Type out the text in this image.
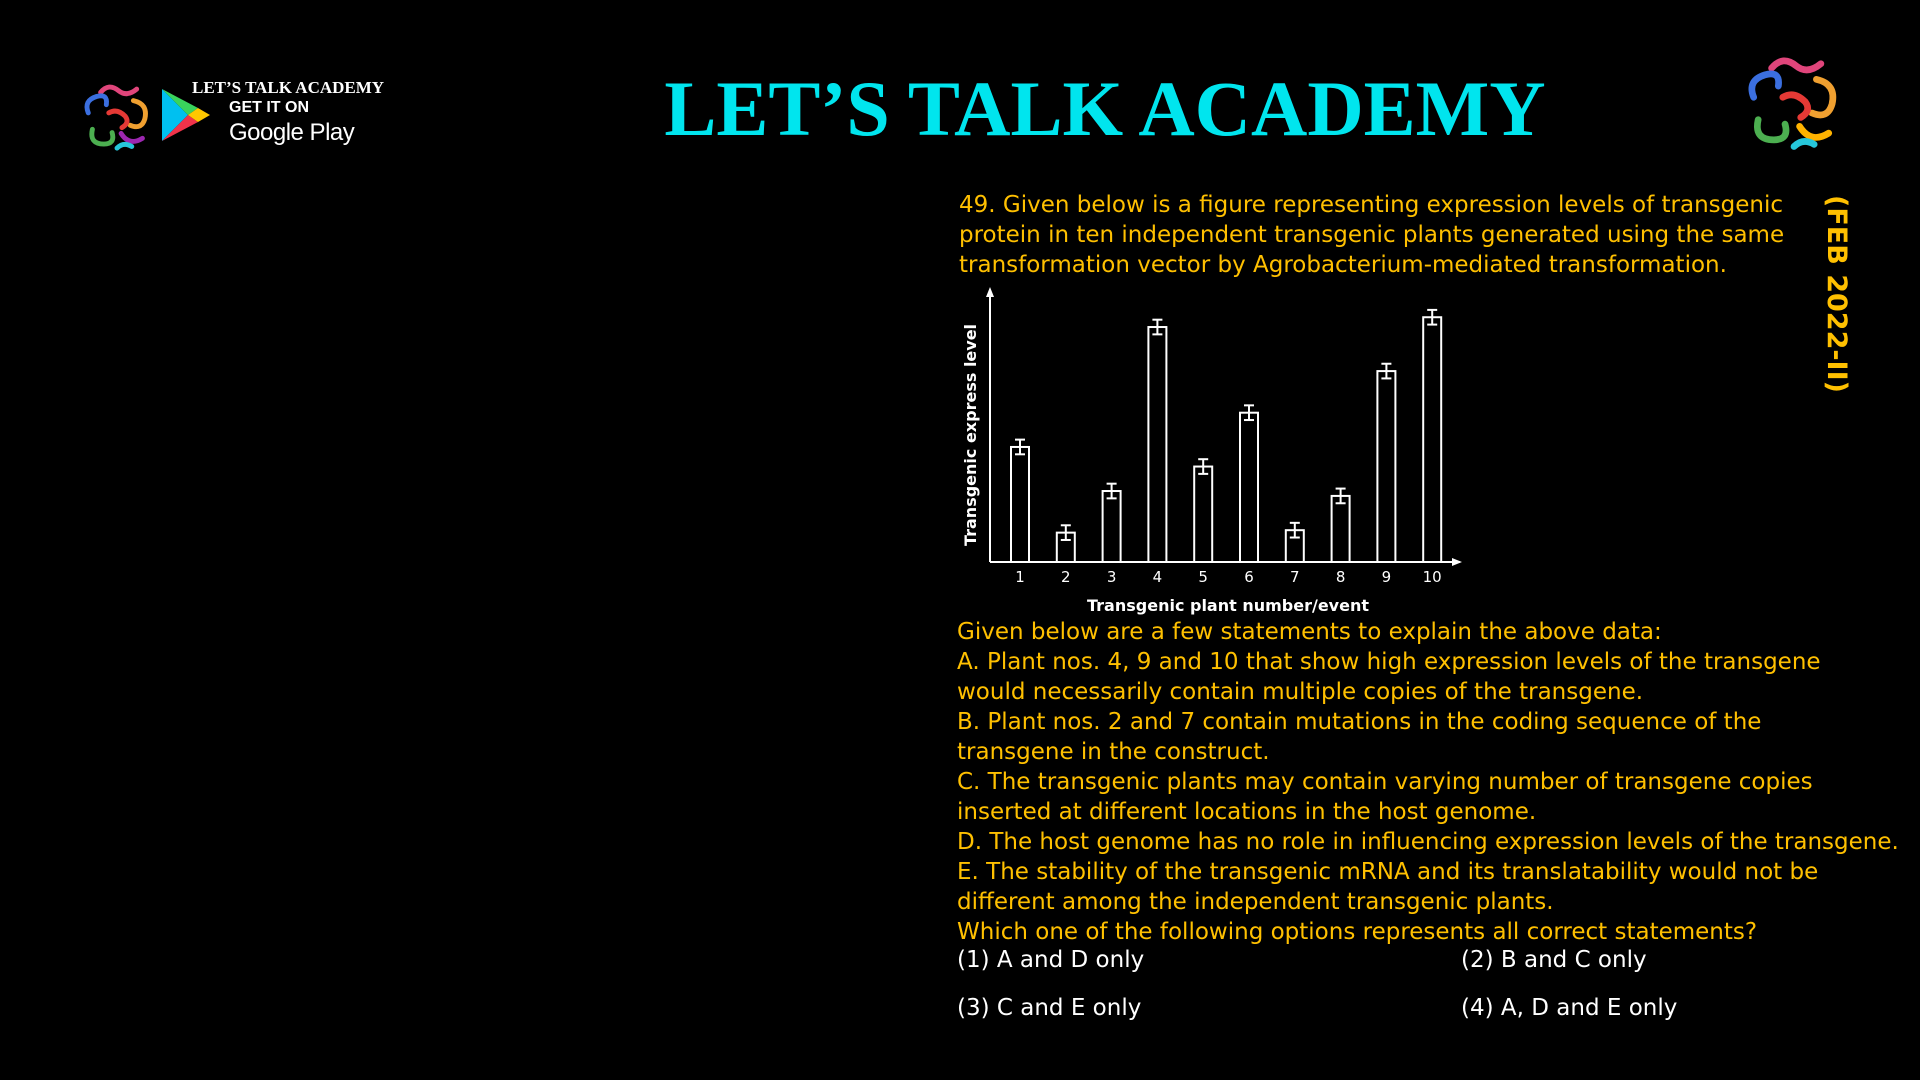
LET’S TALK ACADEMY
GET IT ON
Google Play	LET’S TALK ACADEMY
(FEB 2022-II)

49. Given below is a figure representing expression levels of transgenic

protein in ten independent transgenic plants generated using the same

transformation vector by Agrobacterium-mediated transformation.

1 2 3 4 5 6 7 8 9 10
Transgenic plant number/event
Transgenic express level

Given below are a few statements to explain the above data:

A. Plant nos. 4, 9 and 10 that show high expression levels of the transgene

would necessarily contain multiple copies of the transgene.

B. Plant nos. 2 and 7 contain mutations in the coding sequence of the

transgene in the construct.

C. The transgenic plants may contain varying number of transgene copies

inserted at different locations in the host genome.

D. The host genome has no role in influencing expression levels of the transgene.

E. The stability of the transgenic mRNA and its translatability would not be

different among the independent transgenic plants.

Which one of the following options represents all correct statements?

(1) A and D only	(2) B and C only
(3) C and E only	(4) A, D and E only
